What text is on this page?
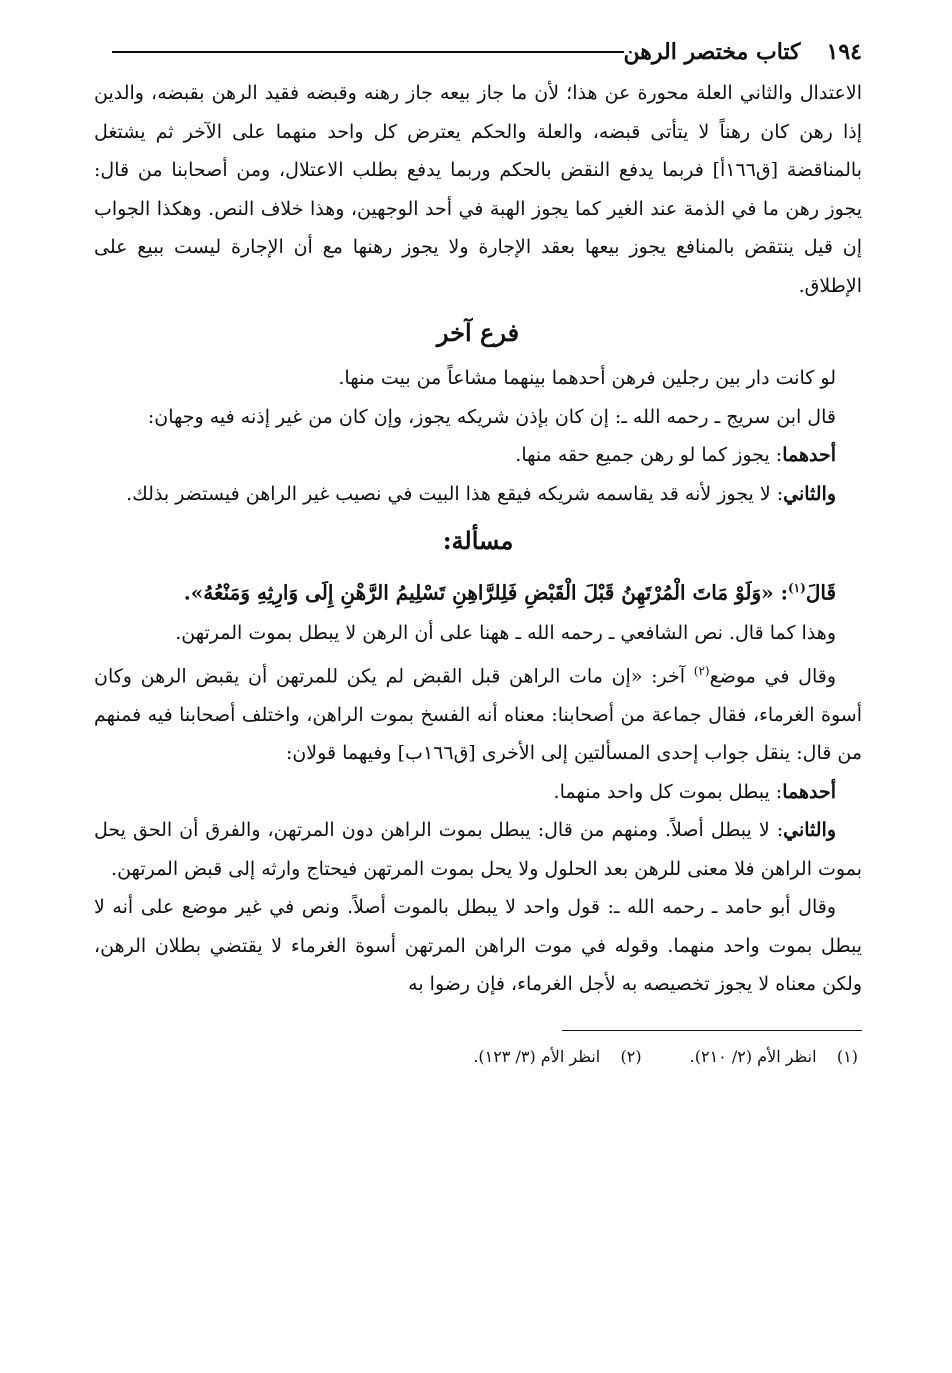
١٩٤
كتاب مختصر الرهن

الاعتدال والثاني العلة محورة عن هذا؛ لأن ما جاز بيعه جاز رهنه وقبضه فقيد الرهن بقبضه، والدين إذا رهن كان رهناً لا يتأتى قبضه، والعلة والحكم يعترض كل واحد منهما على الآخر ثم يشتغل بالمناقضة [ق١٦٦أ] فربما يدفع النقض بالحكم وربما يدفع بطلب الاعتلال، ومن أصحابنا من قال: يجوز رهن ما في الذمة عند الغير كما يجوز الهبة في أحد الوجهين، وهذا خلاف النص. وهكذا الجواب إن قيل ينتقض بالمنافع يجوز بيعها بعقد الإجارة ولا يجوز رهنها مع أن الإجارة ليست ببيع على الإطلاق.

فرع آخر

لو كانت دار بين رجلين فرهن أحدهما بينهما مشاعاً من بيت منها.

قال ابن سريج ـ رحمه الله ـ: إن كان بإذن شريكه يجوز، وإن كان من غير إذنه فيه وجهان:

أحدهما: يجوز كما لو رهن جميع حقه منها.

والثاني: لا يجوز لأنه قد يقاسمه شريكه فيقع هذا البيت في نصيب غير الراهن فيستضر بذلك.

مسألة:

قَالَ$^{(١)}$: «وَلَوْ مَاتَ الْمُرْتَهِنُ قَبْلَ الْقَبْضِ فَلِلرَّاهِنِ تَسْلِيمُ الرَّهْنِ إِلَى وَارِثِهِ وَمَنْعُهُ».

وهذا كما قال. نص الشافعي ـ رحمه الله ـ ههنا على أن الرهن لا يبطل بموت المرتهن.

وقال في موضع$^{(٢)}$ آخر: «إن مات الراهن قبل القبض لم يكن للمرتهن أن يقبض الرهن وكان أسوة الغرماء، فقال جماعة من أصحابنا: معناه أنه الفسخ بموت الراهن، واختلف أصحابنا فيه فمنهم من قال: ينقل جواب إحدى المسألتين إلى الأخرى [ق١٦٦ب] وفيهما قولان:

أحدهما: يبطل بموت كل واحد منهما.

والثاني: لا يبطل أصلاً. ومنهم من قال: يبطل بموت الراهن دون المرتهن، والفرق أن الحق يحل بموت الراهن فلا معنى للرهن بعد الحلول ولا يحل بموت المرتهن فيحتاج وارثه إلى قبض المرتهن.

وقال أبو حامد ـ رحمه الله ـ: قول واحد لا يبطل بالموت أصلاً. ونص في غير موضع على أنه لا يبطل بموت واحد منهما. وقوله في موت الراهن المرتهن أسوة الغرماء لا يقتضي بطلان الرهن، ولكن معناه لا يجوز تخصيصه به لأجل الغرماء، فإن رضوا به

(١)    انظر الأم (٢/ ٢١٠).
(٢)    انظر الأم (٣/ ١٢٣).
